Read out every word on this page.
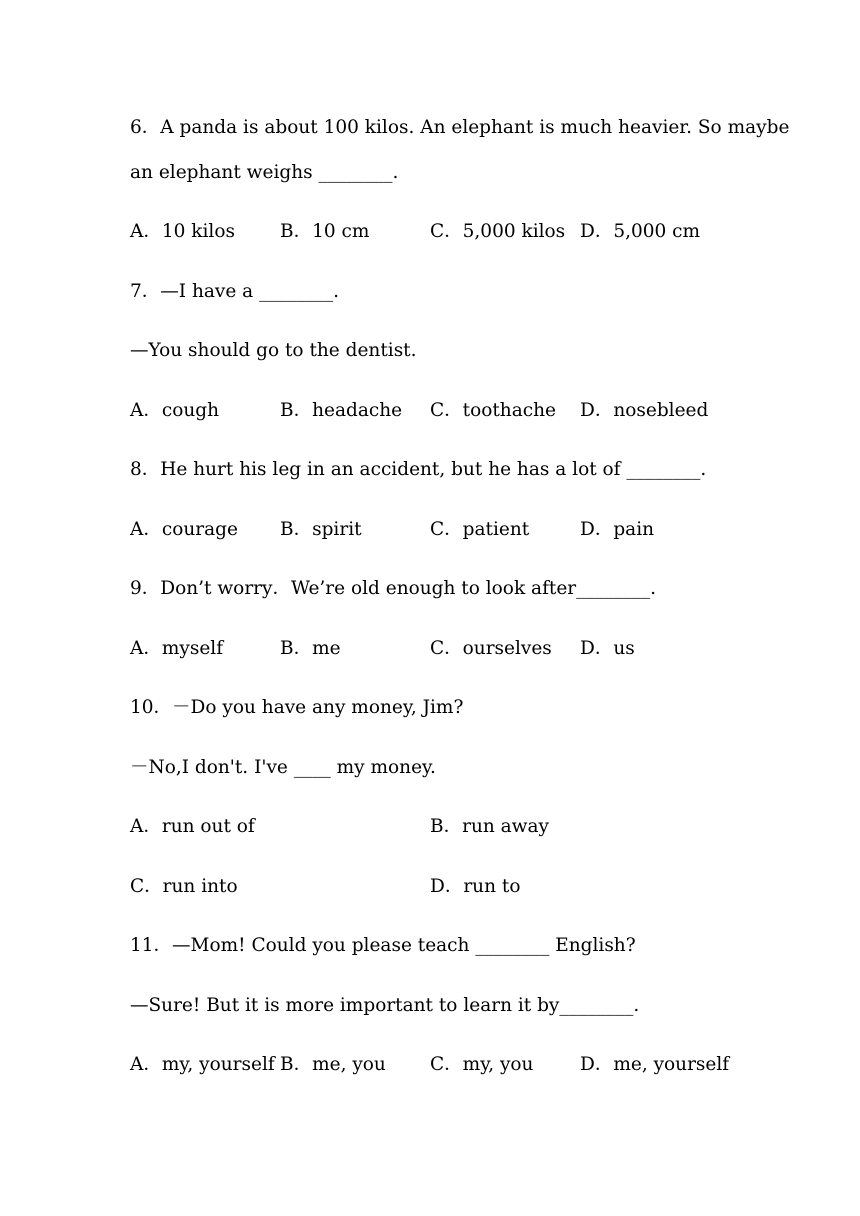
6．A panda is about 100 kilos. An elephant is much heavier. So maybe
an elephant weighs ________.
A．10 kilos B．10 cm	C．5,000 kilos D．5,000 cm
7．—I have a ________.
—You should go to the dentist.
A．cough	B．headache C．toothache D．nosebleed
8．He hurt his leg in an accident, but he has a lot of ________.
A．courage B．spirit	C．patient	D．pain
9．Don’t worry．We’re old enough to look after________.
A．myself	B．me	C．ourselves D．us
10．－Do you have any money, Jim?
－No,I don't. I've ____ my money.
A．run out of	B．run away
C．run into	D．run to
11．—Mom! Could you please teach ________ English?
—Sure! But it is more important to learn it by________.
A．my, yourself B．me, you C．my, you	D．me, yourself
